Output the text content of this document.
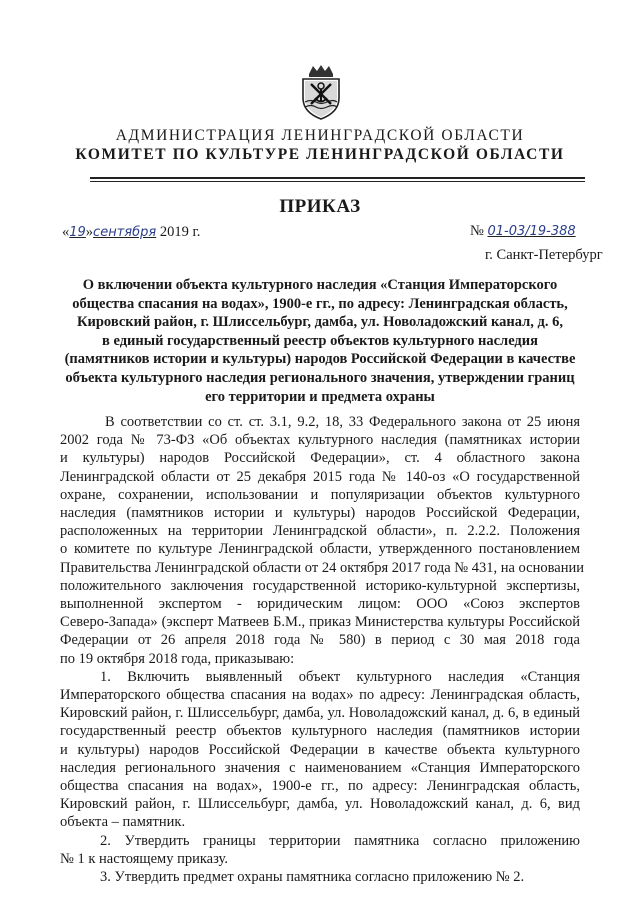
АДМИНИСТРАЦИЯ ЛЕНИНГРАДСКОЙ ОБЛАСТИ
КОМИТЕТ ПО КУЛЬТУРЕ ЛЕНИНГРАДСКОЙ ОБЛАСТИ
ПРИКАЗ
«19»сентября 2019 г.	№ 01-03/19-388
г. Санкт-Петербург
О включении объекта культурного наследия «Станция Императорского
общества спасания на водах», 1900-е гг., по адресу: Ленинградская область,
Кировский район, г. Шлиссельбург, дамба, ул. Новоладожский канал, д. 6,
в единый государственный реестр объектов культурного наследия
(памятников истории и культуры) народов Российской Федерации в качестве
объекта культурного наследия регионального значения, утверждении границ
его территории и предмета охраны
В соответствии со ст. ст. 3.1, 9.2, 18, 33 Федерального закона от 25 июня
2002 года № 73-ФЗ «Об объектах культурного наследия (памятниках истории
и культуры) народов Российской Федерации», ст. 4 областного закона
Ленинградской области от 25 декабря 2015 года № 140-оз «О государственной
охране, сохранении, использовании и популяризации объектов культурного
наследия (памятников истории и культуры) народов Российской Федерации,
расположенных на территории Ленинградской области», п. 2.2.2. Положения
о комитете по культуре Ленинградской области, утвержденного постановлением
Правительства Ленинградской области от 24 октября 2017 года № 431, на основании
положительного заключения государственной историко-культурной экспертизы,
выполненной экспертом - юридическим лицом: ООО «Союз экспертов
Северо-Запада» (эксперт Матвеев Б.М., приказ Министерства культуры Российской
Федерации от 26 апреля 2018 года № 580) в период с 30 мая 2018 года
по 19 октября 2018 года, приказываю:
1. Включить выявленный объект культурного наследия «Станция
Императорского общества спасания на водах» по адресу: Ленинградская область,
Кировский район, г. Шлиссельбург, дамба, ул. Новоладожский канал, д. 6, в единый
государственный реестр объектов культурного наследия (памятников истории
и культуры) народов Российской Федерации в качестве объекта культурного
наследия регионального значения с наименованием «Станция Императорского
общества спасания на водах», 1900-е гг., по адресу: Ленинградская область,
Кировский район, г. Шлиссельбург, дамба, ул. Новоладожский канал, д. 6, вид
объекта – памятник.
2. Утвердить границы территории памятника согласно приложению
№ 1 к настоящему приказу.
3. Утвердить предмет охраны памятника согласно приложению № 2.
